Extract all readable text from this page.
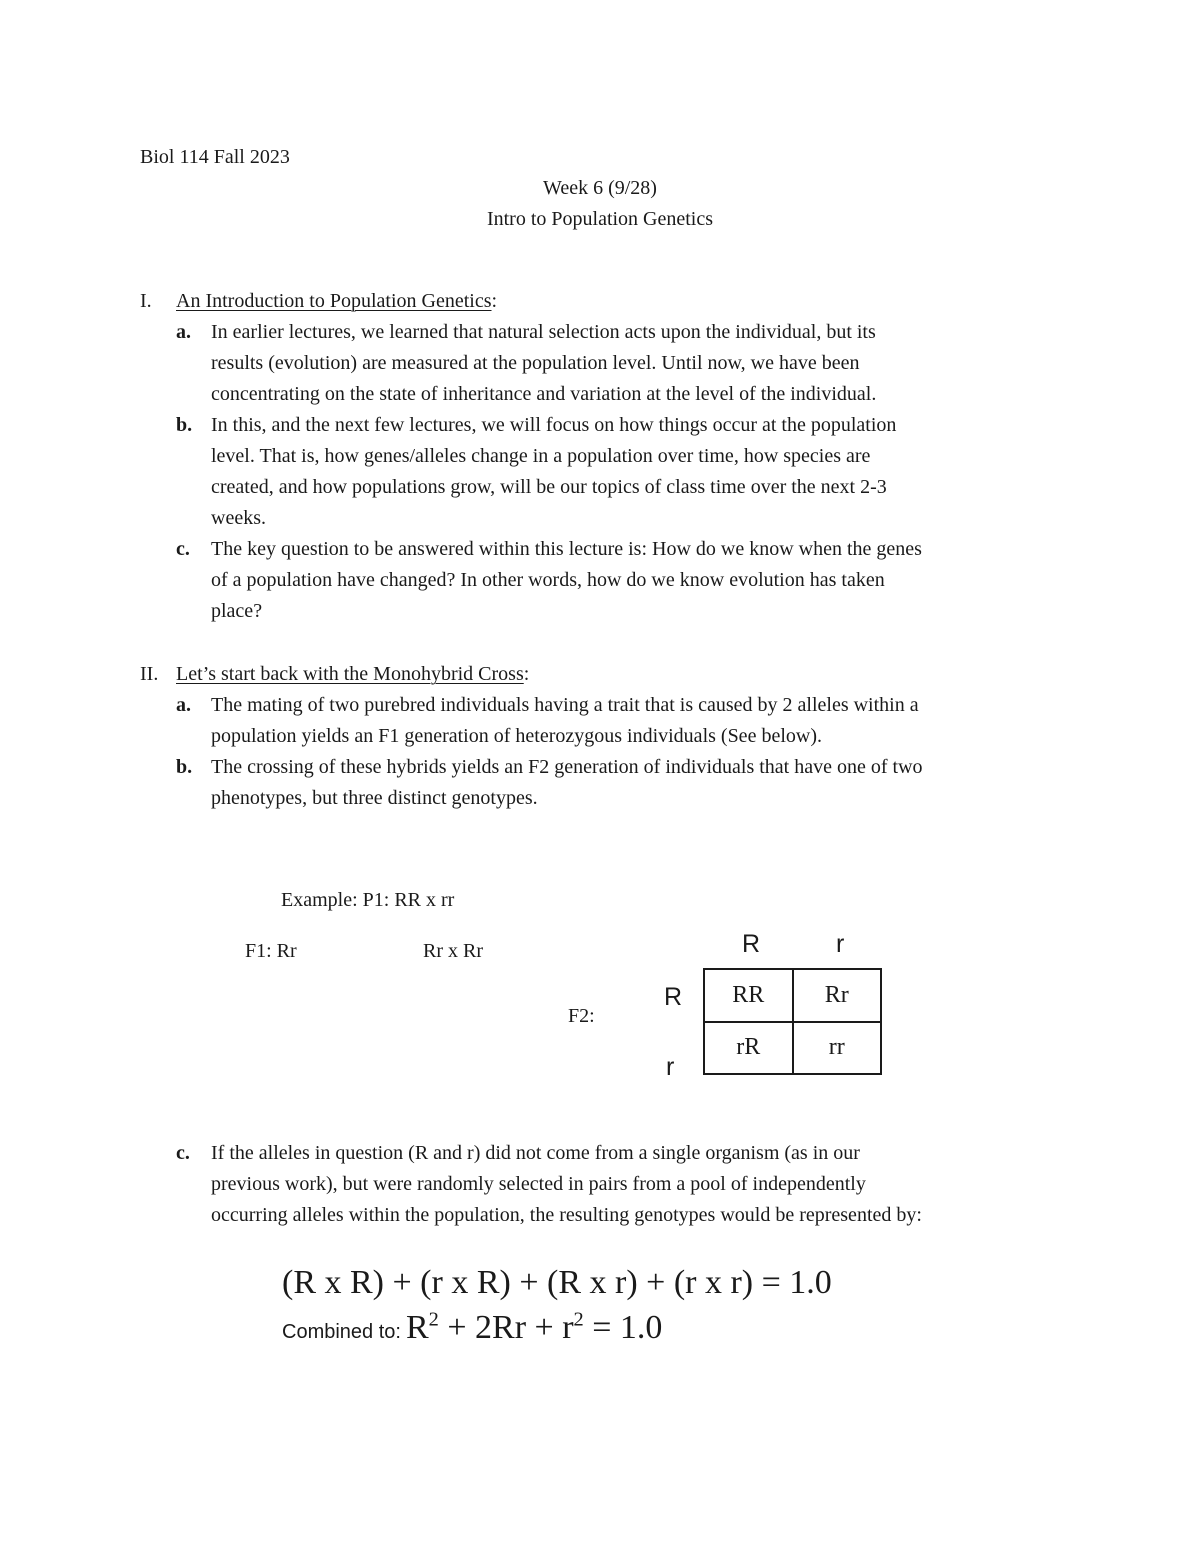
Biol 114 Fall 2023
Week 6 (9/28)
Intro to Population Genetics
I. An Introduction to Population Genetics:
a. In earlier lectures, we learned that natural selection acts upon the individual, but its
results (evolution) are measured at the population level. Until now, we have been
concentrating on the state of inheritance and variation at the level of the individual.
b. In this, and the next few lectures, we will focus on how things occur at the population
level. That is, how genes/alleles change in a population over time, how species are
created, and how populations grow, will be our topics of class time over the next 2-3
weeks.
c. The key question to be answered within this lecture is: How do we know when the genes
of a population have changed? In other words, how do we know evolution has taken
place?
II. Let’s start back with the Monohybrid Cross:
a. The mating of two purebred individuals having a trait that is caused by 2 alleles within a
population yields an F1 generation of heterozygous individuals (See below).
b. The crossing of these hybrids yields an F2 generation of individuals that have one of two
phenotypes, but three distinct genotypes.
Example: P1: RR x rr
F1: Rr	Rr x Rr
F2:
R	r
R
r
RR	Rr
rR	rr
c. If the alleles in question (R and r) did not come from a single organism (as in our
previous work), but were randomly selected in pairs from a pool of independently
occurring alleles within the population, the resulting genotypes would be represented by:
(R x R) + (r x R) + (R x r) + (r x r) = 1.0
Combined to: $R^2 + 2Rr + r^2 = 1.0$
